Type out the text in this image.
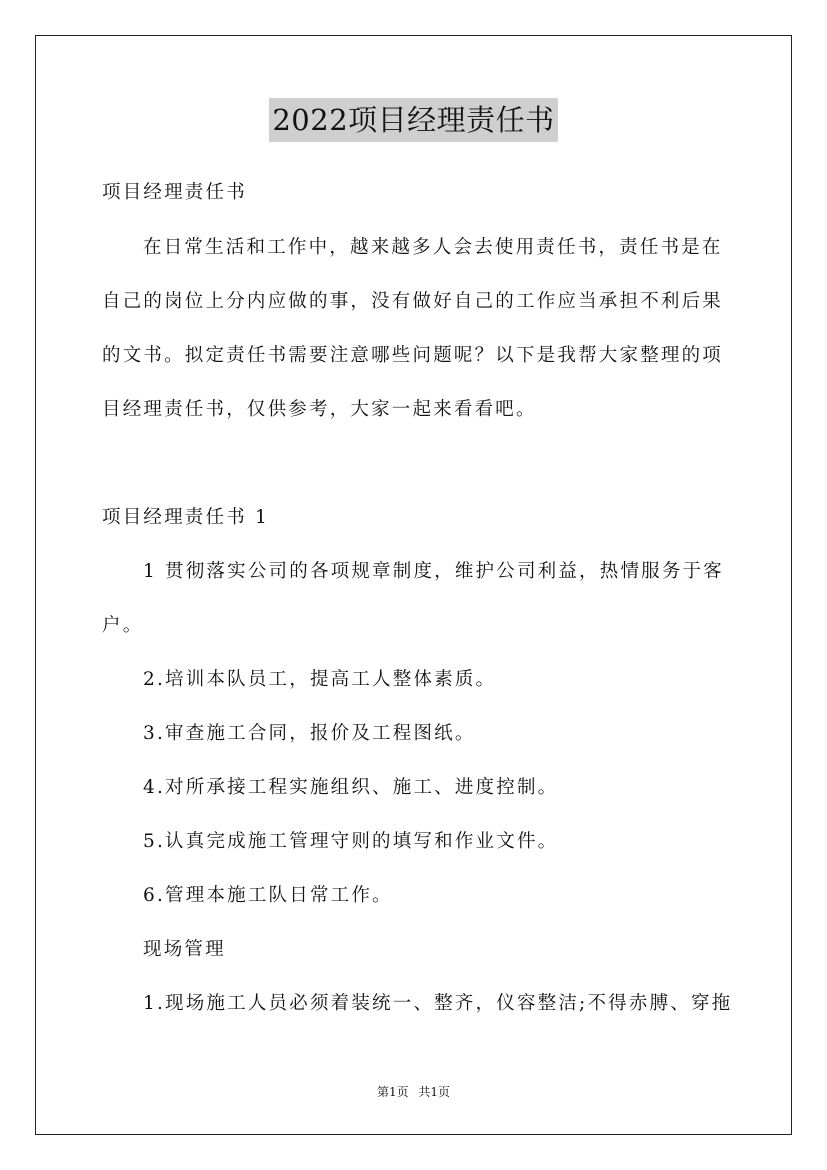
2022项目经理责任书
项目经理责任书
在日常生活和工作中，越来越多人会去使用责任书，责任书是在
自己的岗位上分内应做的事，没有做好自己的工作应当承担不利后果
的文书。拟定责任书需要注意哪些问题呢？以下是我帮大家整理的项
目经理责任书，仅供参考，大家一起来看看吧。
项目经理责任书 1
1 贯彻落实公司的各项规章制度，维护公司利益，热情服务于客
户。
2.培训本队员工，提高工人整体素质。
3.审查施工合同，报价及工程图纸。
4.对所承接工程实施组织、施工、进度控制。
5.认真完成施工管理守则的填写和作业文件。
6.管理本施工队日常工作。
现场管理
1.现场施工人员必须着装统一、整齐，仪容整洁;不得赤膊、穿拖
第1页 共1页
